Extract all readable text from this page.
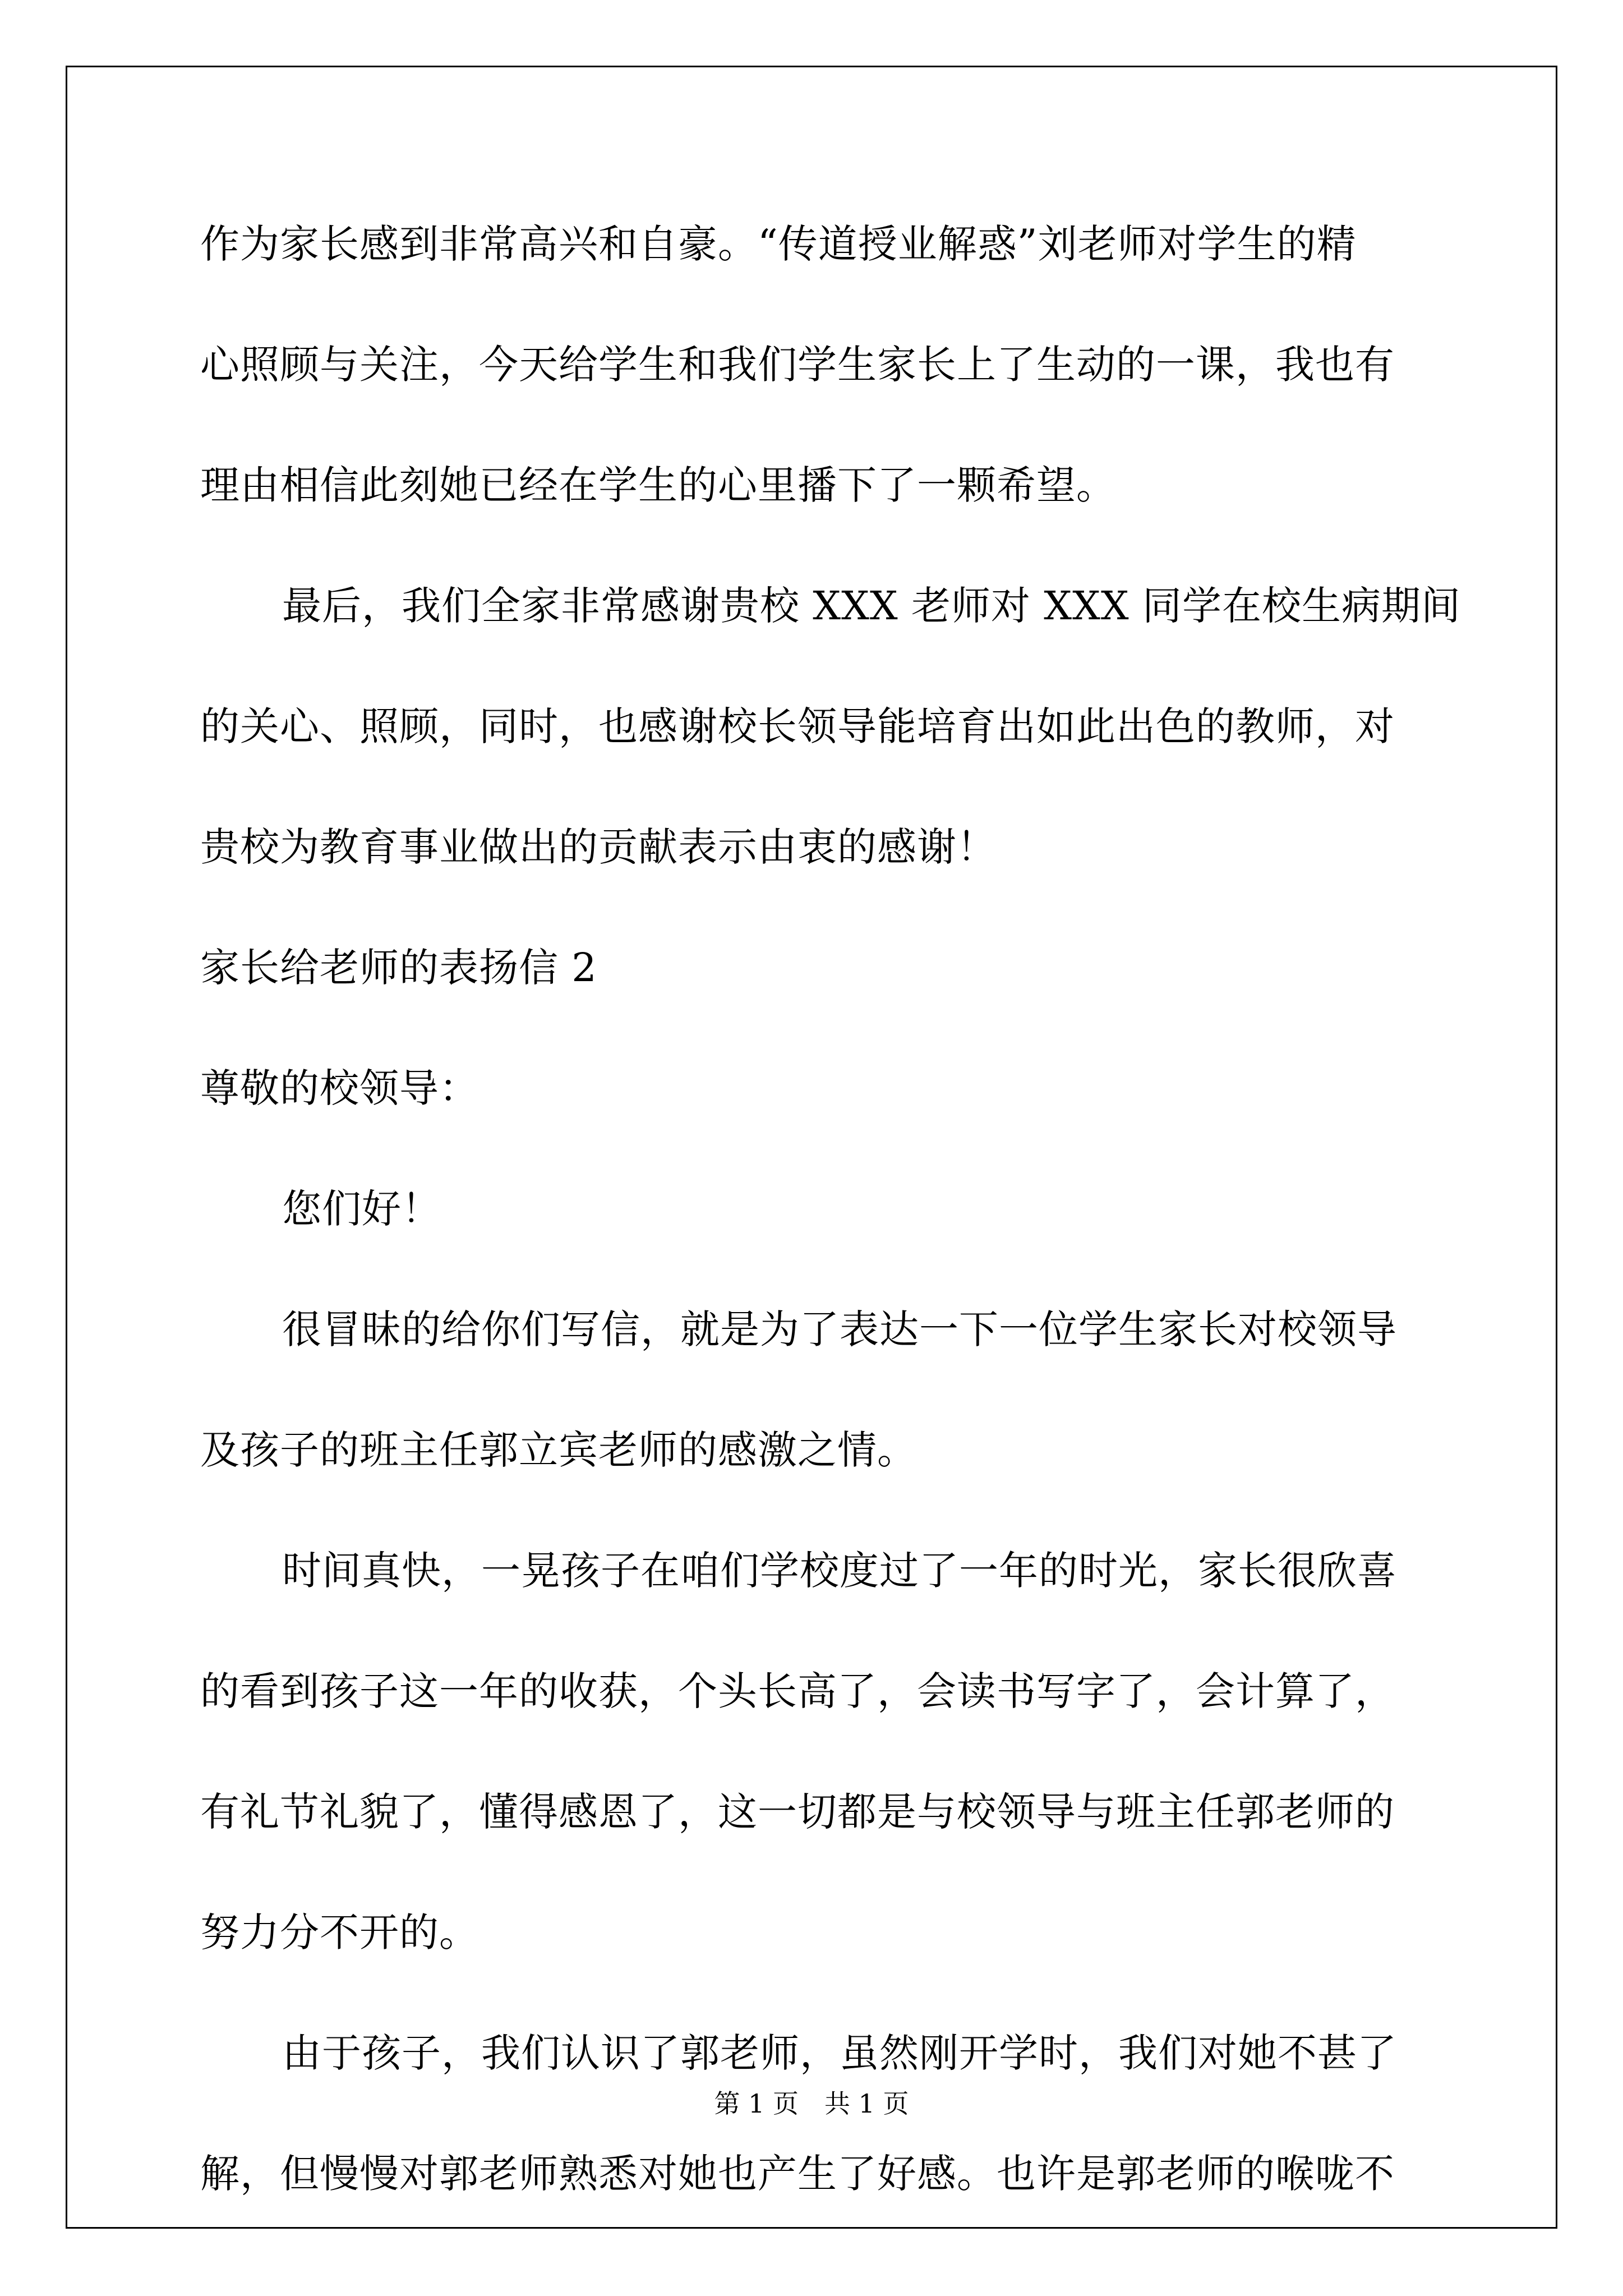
作为家长感到非常高兴和自豪。“传道授业解惑”刘老师对学生的精
心照顾与关注，今天给学生和我们学生家长上了生动的一课，我也有
理由相信此刻她已经在学生的心里播下了一颗希望。
最后，我们全家非常感谢贵校 XXX 老师对 XXX 同学在校生病期间
的关心、照顾，同时，也感谢校长领导能培育出如此出色的教师，对
贵校为教育事业做出的贡献表示由衷的感谢！
家长给老师的表扬信 2
尊敬的校领导：
您们好！
很冒昧的给你们写信，就是为了表达一下一位学生家长对校领导
及孩子的班主任郭立宾老师的感激之情。
时间真快，一晃孩子在咱们学校度过了一年的时光，家长很欣喜
的看到孩子这一年的收获，个头长高了，会读书写字了，会计算了，
有礼节礼貌了，懂得感恩了，这一切都是与校领导与班主任郭老师的
努力分不开的。
由于孩子，我们认识了郭老师，虽然刚开学时，我们对她不甚了
解，但慢慢对郭老师熟悉对她也产生了好感。也许是郭老师的喉咙不
第 1 页　共 1 页
